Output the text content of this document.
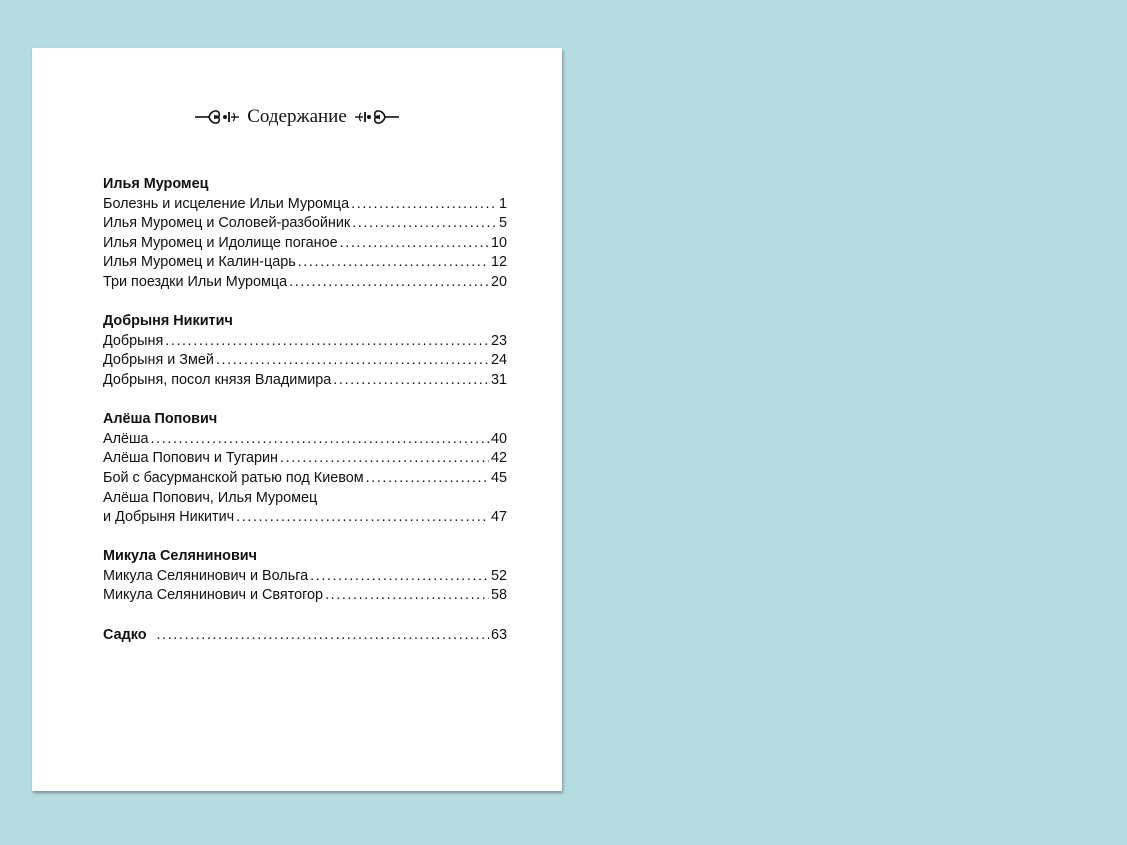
Содержание
Илья Муромец
Болезнь и исцеление Ильи Муромца . . .	1
Илья Муромец и Соловей-разбойник . . .	5
Илья Муромец и Идолище поганое . . .	10
Илья Муромец и Калин-царь . . .	12
Три поездки Ильи Муромца . . .	20
Добрыня Никитич
Добрыня . . .	23
Добрыня и Змей . . .	24
Добрыня, посол князя Владимира . . .	31
Алёша Попович
Алёша . . .	40
Алёша Попович и Тугарин . . .	42
Бой с басурманской ратью под Киевом . . .	45
Алёша Попович, Илья Муромец
и Добрыня Никитич . . .	47
Микула Селянинович
Микула Селянинович и Вольга . . .	52
Микула Селянинович и Святогор . . .	58
Садко . . .	63
